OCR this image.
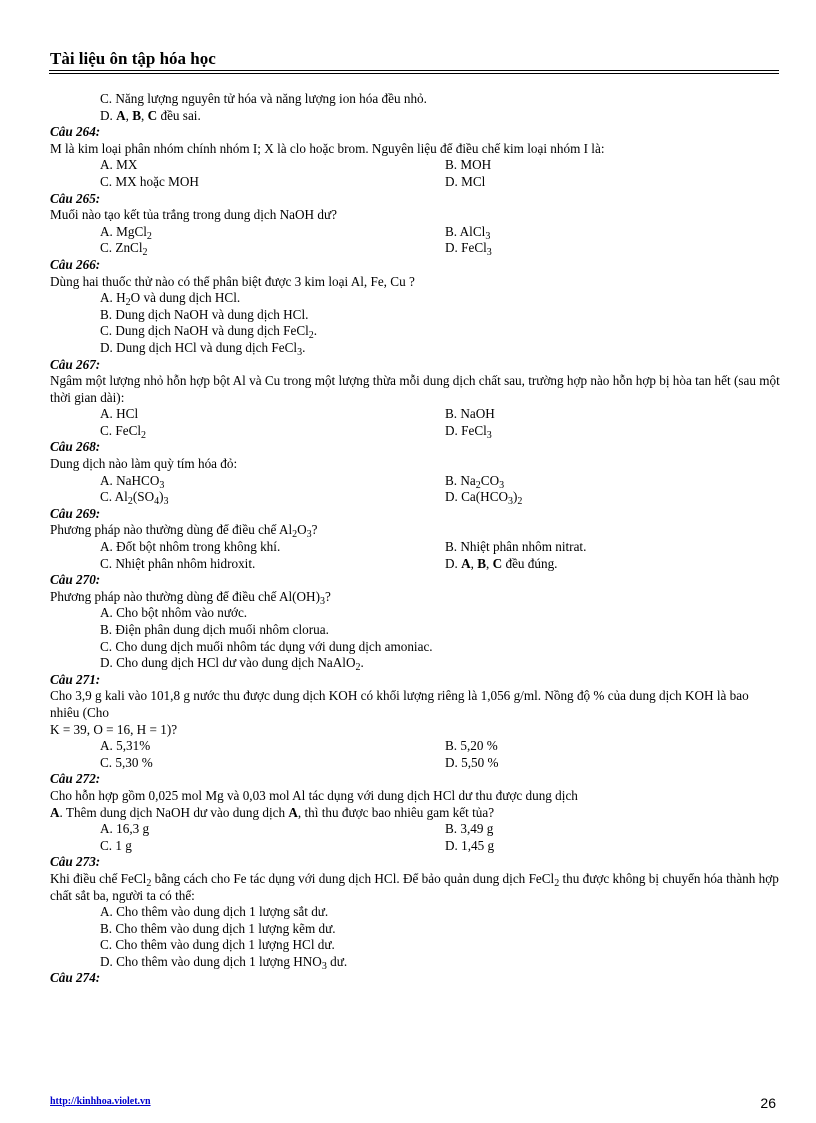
Tài liệu ôn tập hóa học
C. Năng lượng nguyên tử hóa và năng lượng ion hóa đều nhỏ.
D. A, B, C đều sai.
Câu 264:
M là kim loại phân nhóm chính nhóm I; X là clo hoặc brom. Nguyên liệu để điều chế kim loại nhóm I là:
A. MX	B. MOH
C. MX hoặc MOH	D. MCl
Câu 265:
Muối nào tạo kết tủa trắng trong dung dịch NaOH dư?
A. MgCl$_2$	B. AlCl$_3$
C. ZnCl$_2$	D. FeCl$_3$
Câu 266:
Dùng hai thuốc thử nào có thể phân biệt được 3 kim loại Al, Fe, Cu ?
A. $H_2O$ và dung dịch HCl.
B. Dung dịch NaOH và dung dịch HCl.
C. Dung dịch NaOH và dung dịch FeCl$_2$.
D. Dung dịch HCl và dung dịch FeCl$_3$.
Câu 267:
Ngâm một lượng nhỏ hỗn hợp bột Al và Cu trong một lượng thừa mỗi dung dịch chất sau, trường hợp nào hỗn hợp bị hòa tan hết (sau một thời gian dài):
A. HCl	B. NaOH
C. FeCl$_2$	D. FeCl$_3$
Câu 268:
Dung dịch nào làm quỳ tím hóa đỏ:
A. NaHCO$_3$	B. $Na_2CO_3$
C. $Al_2(SO_4)_3$	D. $Ca(HCO_3)_2$
Câu 269:
Phương pháp nào thường dùng để điều chế $Al_2O_3$?
A. Đốt bột nhôm trong không khí.	B. Nhiệt phân nhôm nitrat.
C. Nhiệt phân nhôm hidroxit.	D. A, B, C đều đúng.
Câu 270:
Phương pháp nào thường dùng để điều chế $Al(OH)_3$?
A. Cho bột nhôm vào nước.
B. Điện phân dung dịch muối nhôm clorua.
C. Cho dung dịch muối nhôm tác dụng với dung dịch amoniac.
D. Cho dung dịch HCl dư vào dung dịch NaAlO$_2$.
Câu 271:
Cho 3,9 g kali vào 101,8 g nước thu được dung dịch KOH có khối lượng riêng là 1,056 g/ml. Nồng độ % của dung dịch KOH là bao nhiêu (Cho
K = 39, O = 16, H = 1)?
A. 5,31%	B. 5,20 %
C. 5,30 %	D. 5,50 %
Câu 272:
Cho hỗn hợp gồm 0,025 mol Mg và 0,03 mol Al tác dụng với dung dịch HCl dư thu được dung dịch
A. Thêm dung dịch NaOH dư vào dung dịch A, thì thu được bao nhiêu gam kết tủa?
A. 16,3 g	B. 3,49 g
C. 1 g	D. 1,45 g
Câu 273:
Khi điều chế FeCl$_2$ bằng cách cho Fe tác dụng với dung dịch HCl. Để bảo quản dung dịch FeCl$_2$ thu được không bị chuyển hóa thành hợp chất sắt ba, người ta có thể:
A. Cho thêm vào dung dịch 1 lượng sắt dư.
B. Cho thêm vào dung dịch 1 lượng kẽm dư.
C. Cho thêm vào dung dịch 1 lượng HCl dư.
D. Cho thêm vào dung dịch 1 lượng $HNO_3$ dư.
Câu 274:
http://kinhhoa.violet.vn	26
